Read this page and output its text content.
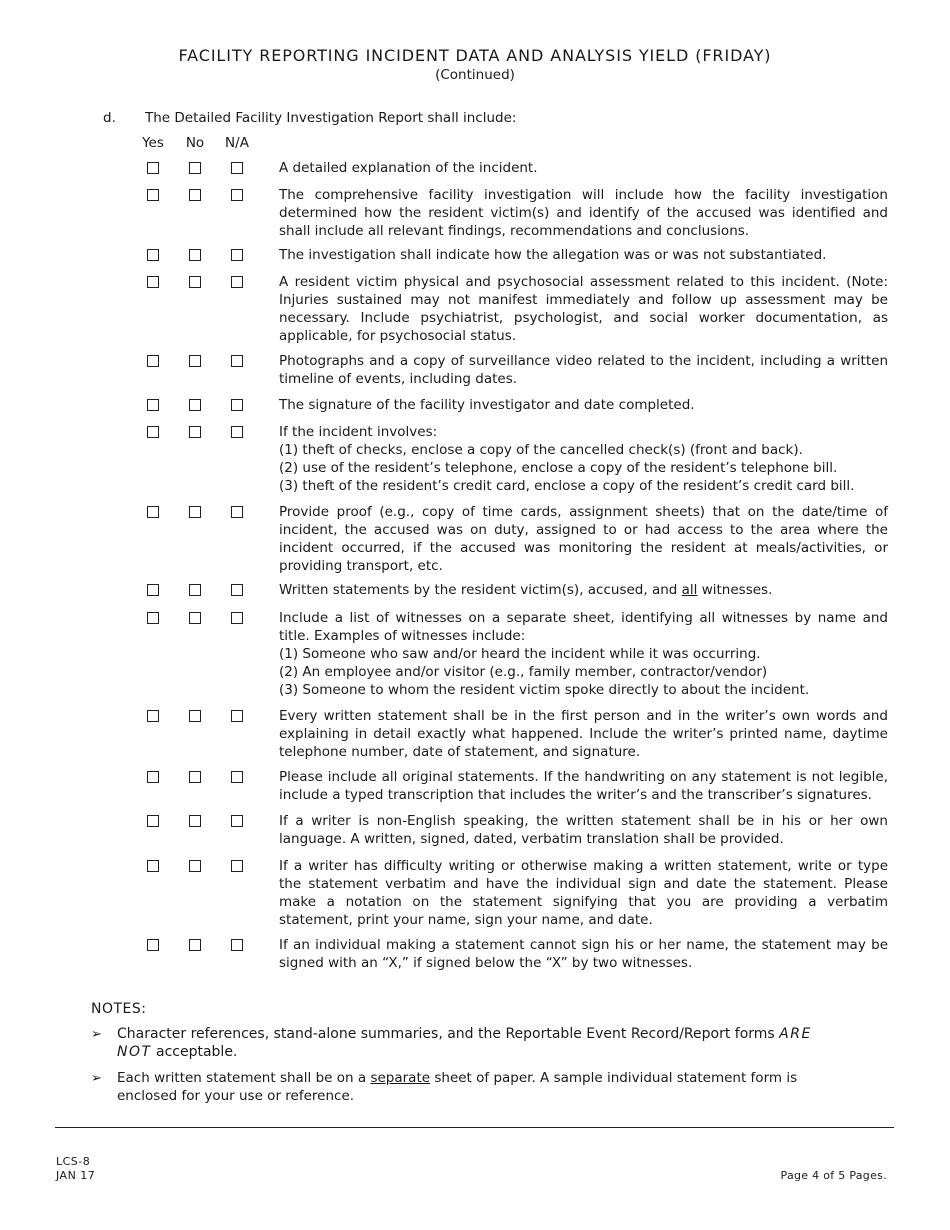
FACILITY REPORTING INCIDENT DATA AND ANALYSIS YIELD (FRIDAY)
(Continued)
d. The Detailed Facility Investigation Report shall include:
Yes	No	N/A
A detailed explanation of the incident.
The comprehensive facility investigation will include how the facility investigation determined how the resident victim(s) and identify of the accused was identified and shall include all relevant findings, recommendations and conclusions.
The investigation shall indicate how the allegation was or was not substantiated.
A resident victim physical and psychosocial assessment related to this incident. (Note: Injuries sustained may not manifest immediately and follow up assessment may be necessary. Include psychiatrist, psychologist, and social worker documentation, as applicable, for psychosocial status.
Photographs and a copy of surveillance video related to the incident, including a written timeline of events, including dates.
The signature of the facility investigator and date completed.
If the incident involves:
(1) theft of checks, enclose a copy of the cancelled check(s) (front and back).
(2) use of the resident’s telephone, enclose a copy of the resident’s telephone bill.
(3) theft of the resident’s credit card, enclose a copy of the resident’s credit card bill.
Provide proof (e.g., copy of time cards, assignment sheets) that on the date/time of incident, the accused was on duty, assigned to or had access to the area where the incident occurred, if the accused was monitoring the resident at meals/activities, or providing transport, etc.
Written statements by the resident victim(s), accused, and all witnesses.
Include a list of witnesses on a separate sheet, identifying all witnesses by name and title. Examples of witnesses include:
(1) Someone who saw and/or heard the incident while it was occurring.
(2) An employee and/or visitor (e.g., family member, contractor/vendor)
(3) Someone to whom the resident victim spoke directly to about the incident.
Every written statement shall be in the first person and in the writer’s own words and explaining in detail exactly what happened. Include the writer’s printed name, daytime telephone number, date of statement, and signature.
Please include all original statements. If the handwriting on any statement is not legible, include a typed transcription that includes the writer’s and the transcriber’s signatures.
If a writer is non-English speaking, the written statement shall be in his or her own language. A written, signed, dated, verbatim translation shall be provided.
If a writer has difficulty writing or otherwise making a written statement, write or type the statement verbatim and have the individual sign and date the statement. Please make a notation on the statement signifying that you are providing a verbatim statement, print your name, sign your name, and date.
If an individual making a statement cannot sign his or her name, the statement may be signed with an “X,” if signed below the “X” by two witnesses.
NOTES:
➢ Character references, stand-alone summaries, and the Reportable Event Record/Report forms ARE NOT acceptable.
➢ Each written statement shall be on a separate sheet of paper. A sample individual statement form is enclosed for your use or reference.
LCS-8
JAN 17	Page 4 of 5 Pages.
